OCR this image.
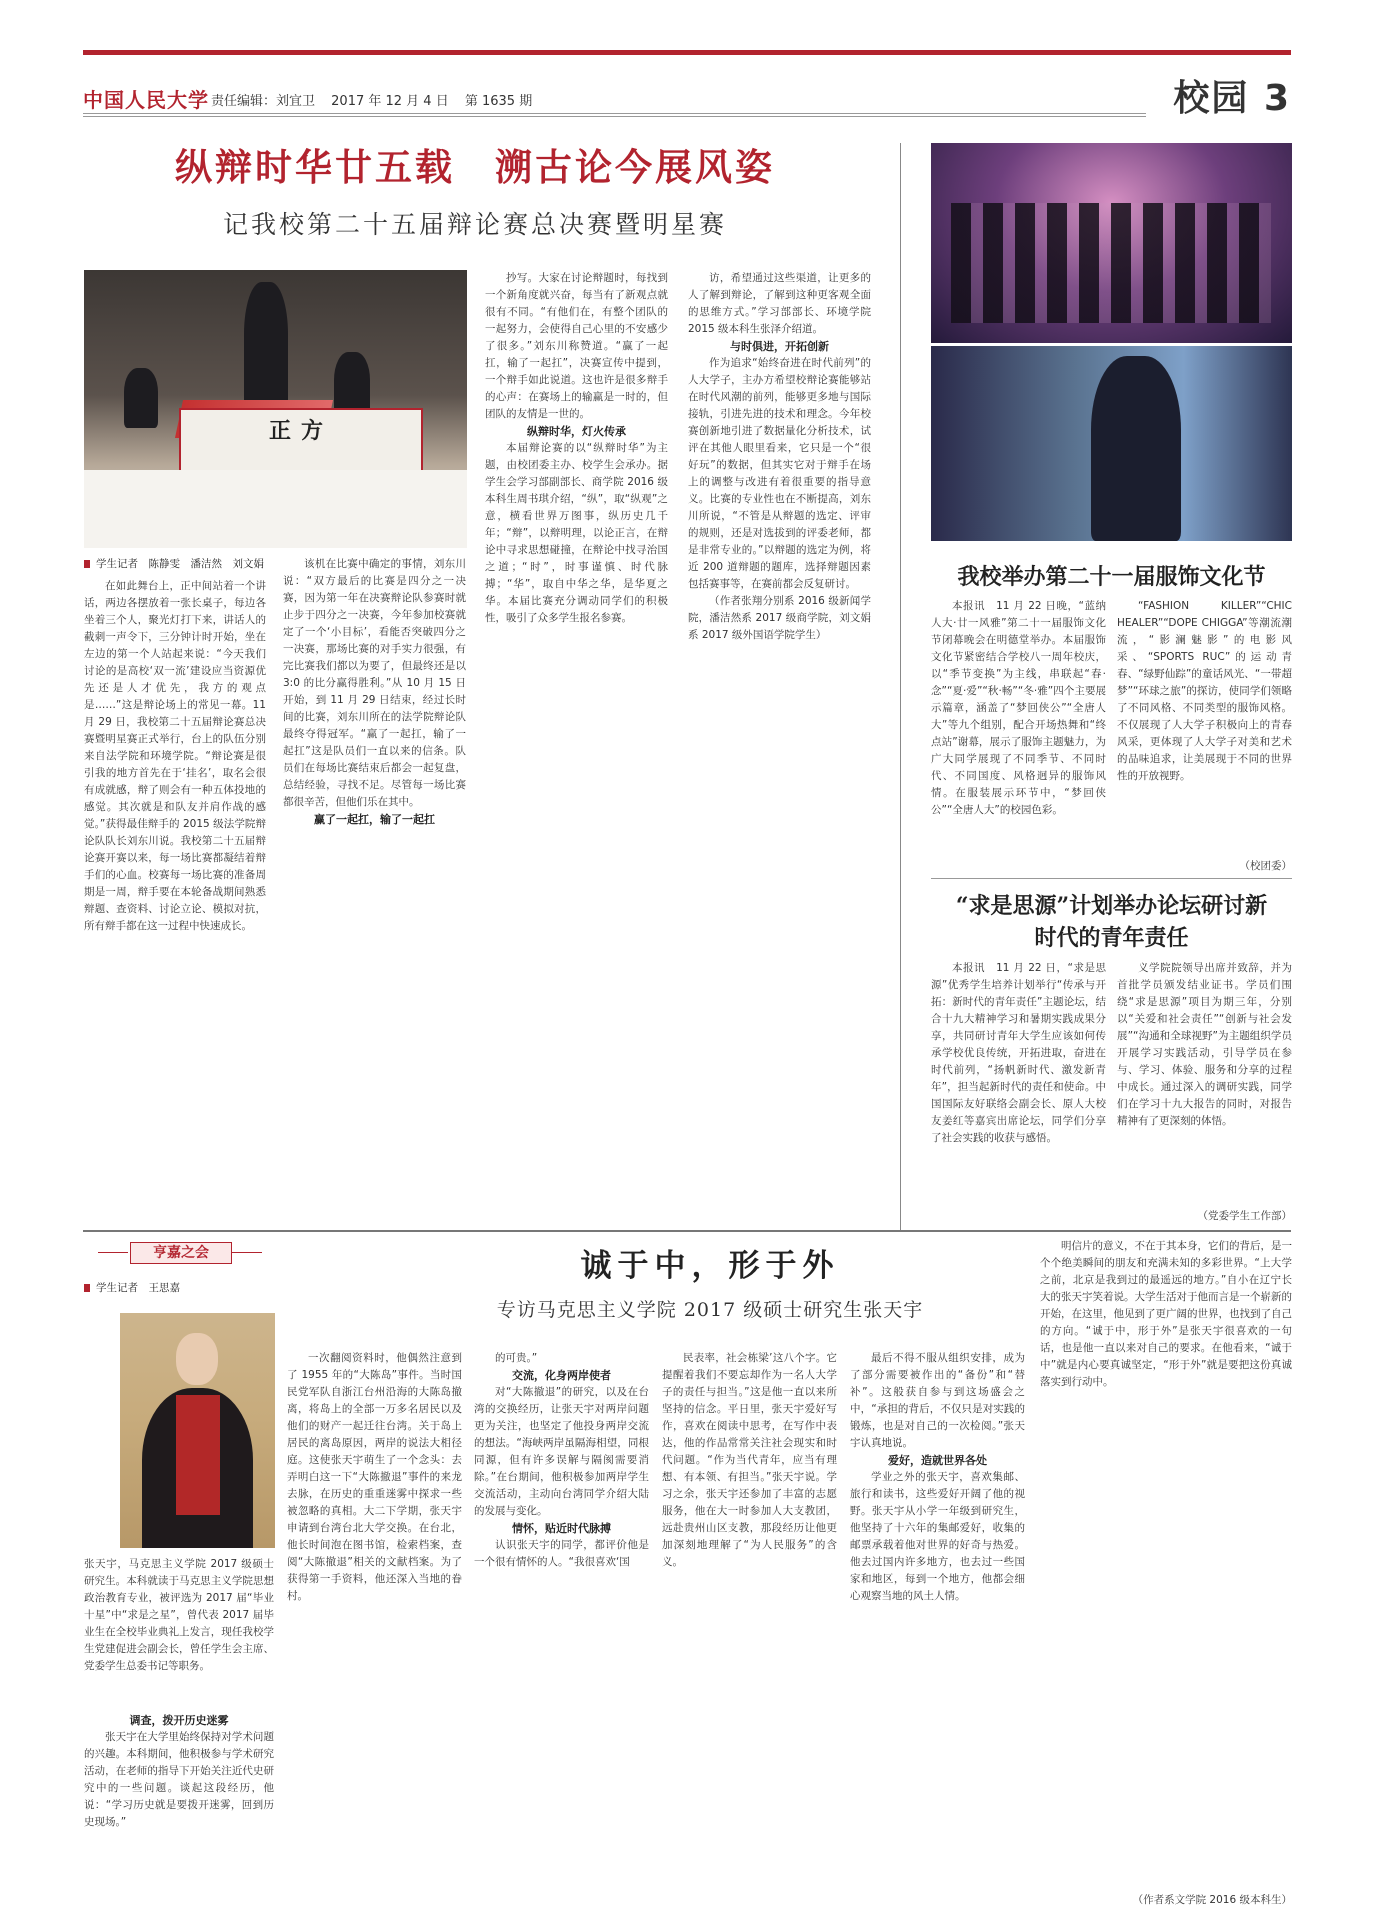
中国人民大学 责任编辑：刘宜卫 2017 年 12 月 4 日 第 1635 期	校园 3
纵辩时华廿五载　溯古论今展风姿
记我校第二十五届辩论赛总决赛暨明星赛
正方
学生记者　陈静雯　潘洁然　刘文娟

在如此舞台上，正中间站着一个讲话，两边各摆放着一张长桌子，每边各坐着三个人，聚光灯打下来，讲话人的截刺一声令下，三分钟计时开始，坐在左边的第一个人站起来说：“今天我们讨论的是高校‘双一流’建设应当资源优先还是人才优先，我方的观点是……”这是辩论场上的常见一幕。11 月 29 日，我校第二十五届辩论赛总决赛暨明星赛正式举行，台上的队伍分别来自法学院和环境学院。“辩论赛是很引我的地方首先在于‘挂名’，取名会很有成就感，辩了则会有一种五体投地的感觉。其次就是和队友并肩作战的感觉。”获得最佳辩手的 2015 级法学院辩论队队长刘东川说。我校第二十五届辩论赛开赛以来，每一场比赛都凝结着辩手们的心血。校赛每一场比赛的准备周期是一周，辩手要在本轮备战期间熟悉辩题、查资料、讨论立论、模拟对抗，所有辩手都在这一过程中快速成长。

该机在比赛中确定的事情，刘东川说：“双方最后的比赛是四分之一决赛，因为第一年在决赛辩论队参赛时就止步于四分之一决赛，今年参加校赛就定了一个‘小目标’，看能否突破四分之一决赛，那场比赛的对手实力很强，有完比赛我们都以为要了，但最终还是以 3:0 的比分赢得胜利。”从 10 月 15 日开始，到 11 月 29 日结束，经过长时间的比赛，刘东川所在的法学院辩论队最终夺得冠军。“赢了一起扛，输了一起扛”这是队员们一直以来的信条。队员们在每场比赛结束后都会一起复盘，总结经验，寻找不足。尽管每一场比赛都很辛苦，但他们乐在其中。

赢了一起扛，输了一起扛

抄写。大家在讨论辩题时，每找到一个新角度就兴奋，每当有了新观点就很有不同。“有他们在，有整个团队的一起努力，会使得自己心里的不安感少了很多。”刘东川称赞道。“赢了一起扛，输了一起扛”，决赛宣传中提到，一个辩手如此说道。这也许是很多辩手的心声：在赛场上的输赢是一时的，但团队的友情是一世的。

纵辩时华，灯火传承

本届辩论赛的以“纵辩时华”为主题，由校团委主办、校学生会承办。据学生会学习部副部长、商学院 2016 级本科生周书琪介绍，“纵”，取“纵观”之意，横看世界万图事，纵历史几千年；“辩”，以辩明理，以论正言，在辩论中寻求思想碰撞，在辩论中找寻治国之道；“时”，时事谨慎、时代脉搏；“华”，取自中华之华，是华夏之华。本届比赛充分调动同学们的积极性，吸引了众多学生报名参赛。

访，希望通过这些渠道，让更多的人了解到辩论，了解到这种更客观全面的思维方式。”学习部部长、环境学院 2015 级本科生张泽介绍道。

与时俱进，开拓创新

作为追求“始终奋进在时代前列”的人大学子，主办方希望校辩论赛能够站在时代风潮的前列，能够更多地与国际接轨，引进先进的技术和理念。今年校赛创新地引进了数据量化分析技术，试评在其他人眼里看来，它只是一个“很好玩”的数据，但其实它对于辩手在场上的调整与改进有着很重要的指导意义。比赛的专业性也在不断提高，刘东川所说，“不管是从辩题的选定、评审的规则，还是对选拔到的评委老师，都是非常专业的。”以辩题的选定为例，将近 200 道辩题的题库，选择辩题因素包括赛事等，在赛前都会反复研讨。

（作者张翔分别系 2016 级新闻学院，潘洁然系 2017 级商学院，刘文娟系 2017 级外国语学院学生）

我校举办第二十一届服饰文化节

本报讯　11 月 22 日晚，“蓝纳人大·廿一风雅”第二十一届服饰文化节闭幕晚会在明德堂举办。本届服饰文化节紧密结合学校八一周年校庆，以“季节变换”为主线，串联起“春·念”“夏·爱”“秋·畅”“冬·雅”四个主要展示篇章，涵盖了“梦回侠公”“全唐人大”等九个组别，配合开场热舞和“终点站”谢幕，展示了服饰主题魅力，为广大同学展现了不同季节、不同时代、不同国度、风格迥异的服饰风情。在服装展示环节中，“梦回侠公”“全唐人大”的校园色彩。

“FASHION　KILLER”“CHIC HEALER”“DOPE CHIGGA”等潮流潮流，“影澜魅影”的电影风采、“SPORTS RUC”的运动青春、“绿野仙踪”的童话风光、“一带超梦”“环球之旅”的探访，使同学们领略了不同风格、不同类型的服饰风格。不仅展现了人大学子积极向上的青春风采，更体现了人大学子对美和艺术的品味追求，让美展现于不同的世界性的开放视野。

（校团委）
“求是思源”计划举办论坛研讨新
时代的青年责任

本报讯　11 月 22 日，“求是思源”优秀学生培养计划举行“传承与开拓：新时代的青年责任”主题论坛，结合十九大精神学习和暑期实践成果分享，共同研讨青年大学生应该如何传承学校优良传统，开拓进取，奋进在时代前列，“扬帆新时代、激发新青年”，担当起新时代的责任和使命。中国国际友好联络会副会长、原人大校友姜红等嘉宾出席论坛，同学们分享了社会实践的收获与感悟。

义学院院领导出席并致辞，并为首批学员颁发结业证书。学员们围绕“求是思源”项目为期三年，分别以“关爱和社会责任”“创新与社会发展”“沟通和全球视野”为主题组织学员开展学习实践活动，引导学员在参与、学习、体验、服务和分享的过程中成长。通过深入的调研实践，同学们在学习十九大报告的同时，对报告精神有了更深刻的体悟。

（党委学生工作部）
亨嘉之会
学生记者　王思嘉
诚于中，形于外
专访马克思主义学院 2017 级硕士研究生张天宇
张天宇，马克思主义学院 2017 级硕士研究生。本科就读于马克思主义学院思想政治教育专业，被评选为 2017 届“毕业十星”中“求是之星”，曾代表 2017 届毕业生在全校毕业典礼上发言，现任我校学生党建促进会副会长，曾任学生会主席、党委学生总委书记等职务。

调查，拨开历史迷雾

张天宇在大学里始终保持对学术问题的兴趣。本科期间，他积极参与学术研究活动，在老师的指导下开始关注近代史研究中的一些问题。谈起这段经历，他说：“学习历史就是要拨开迷雾，回到历史现场。”

一次翻阅资料时，他偶然注意到了 1955 年的“大陈岛”事件。当时国民党军队自浙江台州沿海的大陈岛撤离，将岛上的全部一万多名居民以及他们的财产一起迁往台湾。关于岛上居民的离岛原因，两岸的说法大相径庭。这使张天宇萌生了一个念头：去弄明白这一下“大陈撤退”事件的来龙去脉，在历史的重重迷雾中探求一些被忽略的真相。大二下学期，张天宇申请到台湾台北大学交换。在台北，他长时间泡在图书馆，检索档案，查阅“大陈撤退”相关的文献档案。为了获得第一手资料，他还深入当地的眷村。

的可贵。”

交流，化身两岸使者

对“大陈撤退”的研究，以及在台湾的交换经历，让张天宇对两岸问题更为关注，也坚定了他投身两岸交流的想法。“海峡两岸虽隔海相望，同根同源，但有许多误解与隔阂需要消除。”在台期间，他积极参加两岸学生交流活动，主动向台湾同学介绍大陆的发展与变化。

情怀，贴近时代脉搏

认识张天宇的同学，都评价他是一个很有情怀的人。“我很喜欢‘国

民表率，社会栋梁’这八个字。它提醒着我们不要忘却作为一名人大学子的责任与担当。”这是他一直以来所坚持的信念。平日里，张天宇爱好写作，喜欢在阅读中思考，在写作中表达，他的作品常常关注社会现实和时代问题。“作为当代青年，应当有理想、有本领、有担当。”张天宇说。学习之余，张天宇还参加了丰富的志愿服务，他在大一时参加人大支教团，远赴贵州山区支教，那段经历让他更加深刻地理解了“为人民服务”的含义。

最后不得不服从组织安排，成为了部分需要被作出的“备份”和“替补”。这般获自参与到这场盛会之中，“承担的背后，不仅只是对实践的锻炼，也是对自己的一次检阅。”张天宇认真地说。

爱好，造就世界各处

学业之外的张天宇，喜欢集邮、旅行和读书，这些爱好开阔了他的视野。张天宇从小学一年级到研究生，他坚持了十六年的集邮爱好，收集的邮票承载着他对世界的好奇与热爱。他去过国内许多地方，也去过一些国家和地区，每到一个地方，他都会细心观察当地的风土人情。

明信片的意义，不在于其本身，它们的背后，是一个个绝美瞬间的朋友和充满未知的多彩世界。“上大学之前，北京是我到过的最遥远的地方。”自小在辽宁长大的张天宇笑着说。大学生活对于他而言是一个崭新的开始，在这里，他见到了更广阔的世界，也找到了自己的方向。“诚于中，形于外”是张天宇很喜欢的一句话，也是他一直以来对自己的要求。在他看来，“诚于中”就是内心要真诚坚定，“形于外”就是要把这份真诚落实到行动中。

（作者系文学院 2016 级本科生）
